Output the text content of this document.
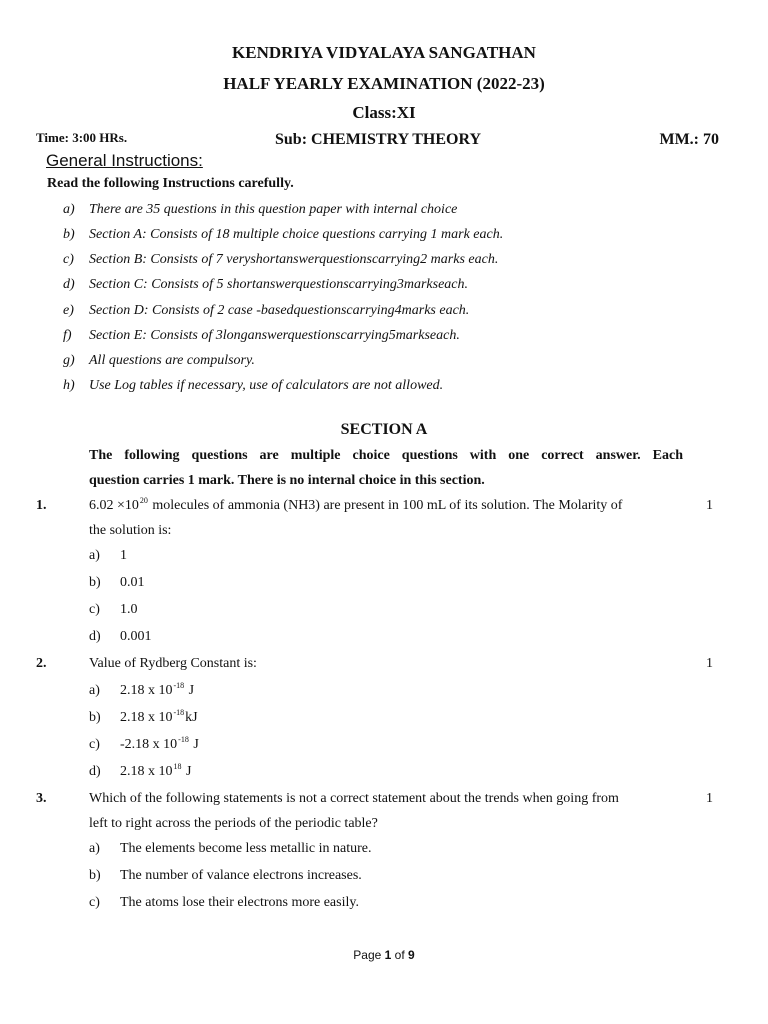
KENDRIYA VIDYALAYA SANGATHAN
HALF YEARLY EXAMINATION (2022-23)
Class:XI
Time: 3:00 HRs.	Sub: CHEMISTRY THEORY	MM.: 70
General Instructions:
Read the following Instructions carefully.
a) There are 35 questions in this question paper with internal choice
b) Section A: Consists of 18 multiple choice questions carrying 1 mark each.
c) Section B: Consists of 7 veryshortanswerquestionscarrying2 marks each.
d) Section C: Consists of 5 shortanswerquestionscarrying3markseach.
e) Section D: Consists of 2 case -basedquestionscarrying4marks each.
f) Section E: Consists of 3longanswerquestionscarrying5markseach.
g) All questions are compulsory.
h) Use Log tables if necessary, use of calculators are not allowed.
SECTION A
The following questions are multiple choice questions with one correct answer. Each
question carries 1 mark. There is no internal choice in this section.
1.	$6.02 \times 10^{20}$ molecules of ammonia (NH3) are present in 100 mL of its solution. The Molarity of	1
the solution is:
a) 1
b) 0.01
c) 1.0
d) 0.001
2.	Value of Rydberg Constant is:	1
a) 2.18 x $10^{-18}$ J
b) 2.18 x $10^{-18}kJ$
c) -2.18 x $10^{-18}$ J
d) 2.18 x $10^{18}$ J
3.	Which of the following statements is not a correct statement about the trends when going from	1
left to right across the periods of the periodic table?
a) The elements become less metallic in nature.
b) The number of valance electrons increases.
c) The atoms lose their electrons more easily.
Page 1 of 9
